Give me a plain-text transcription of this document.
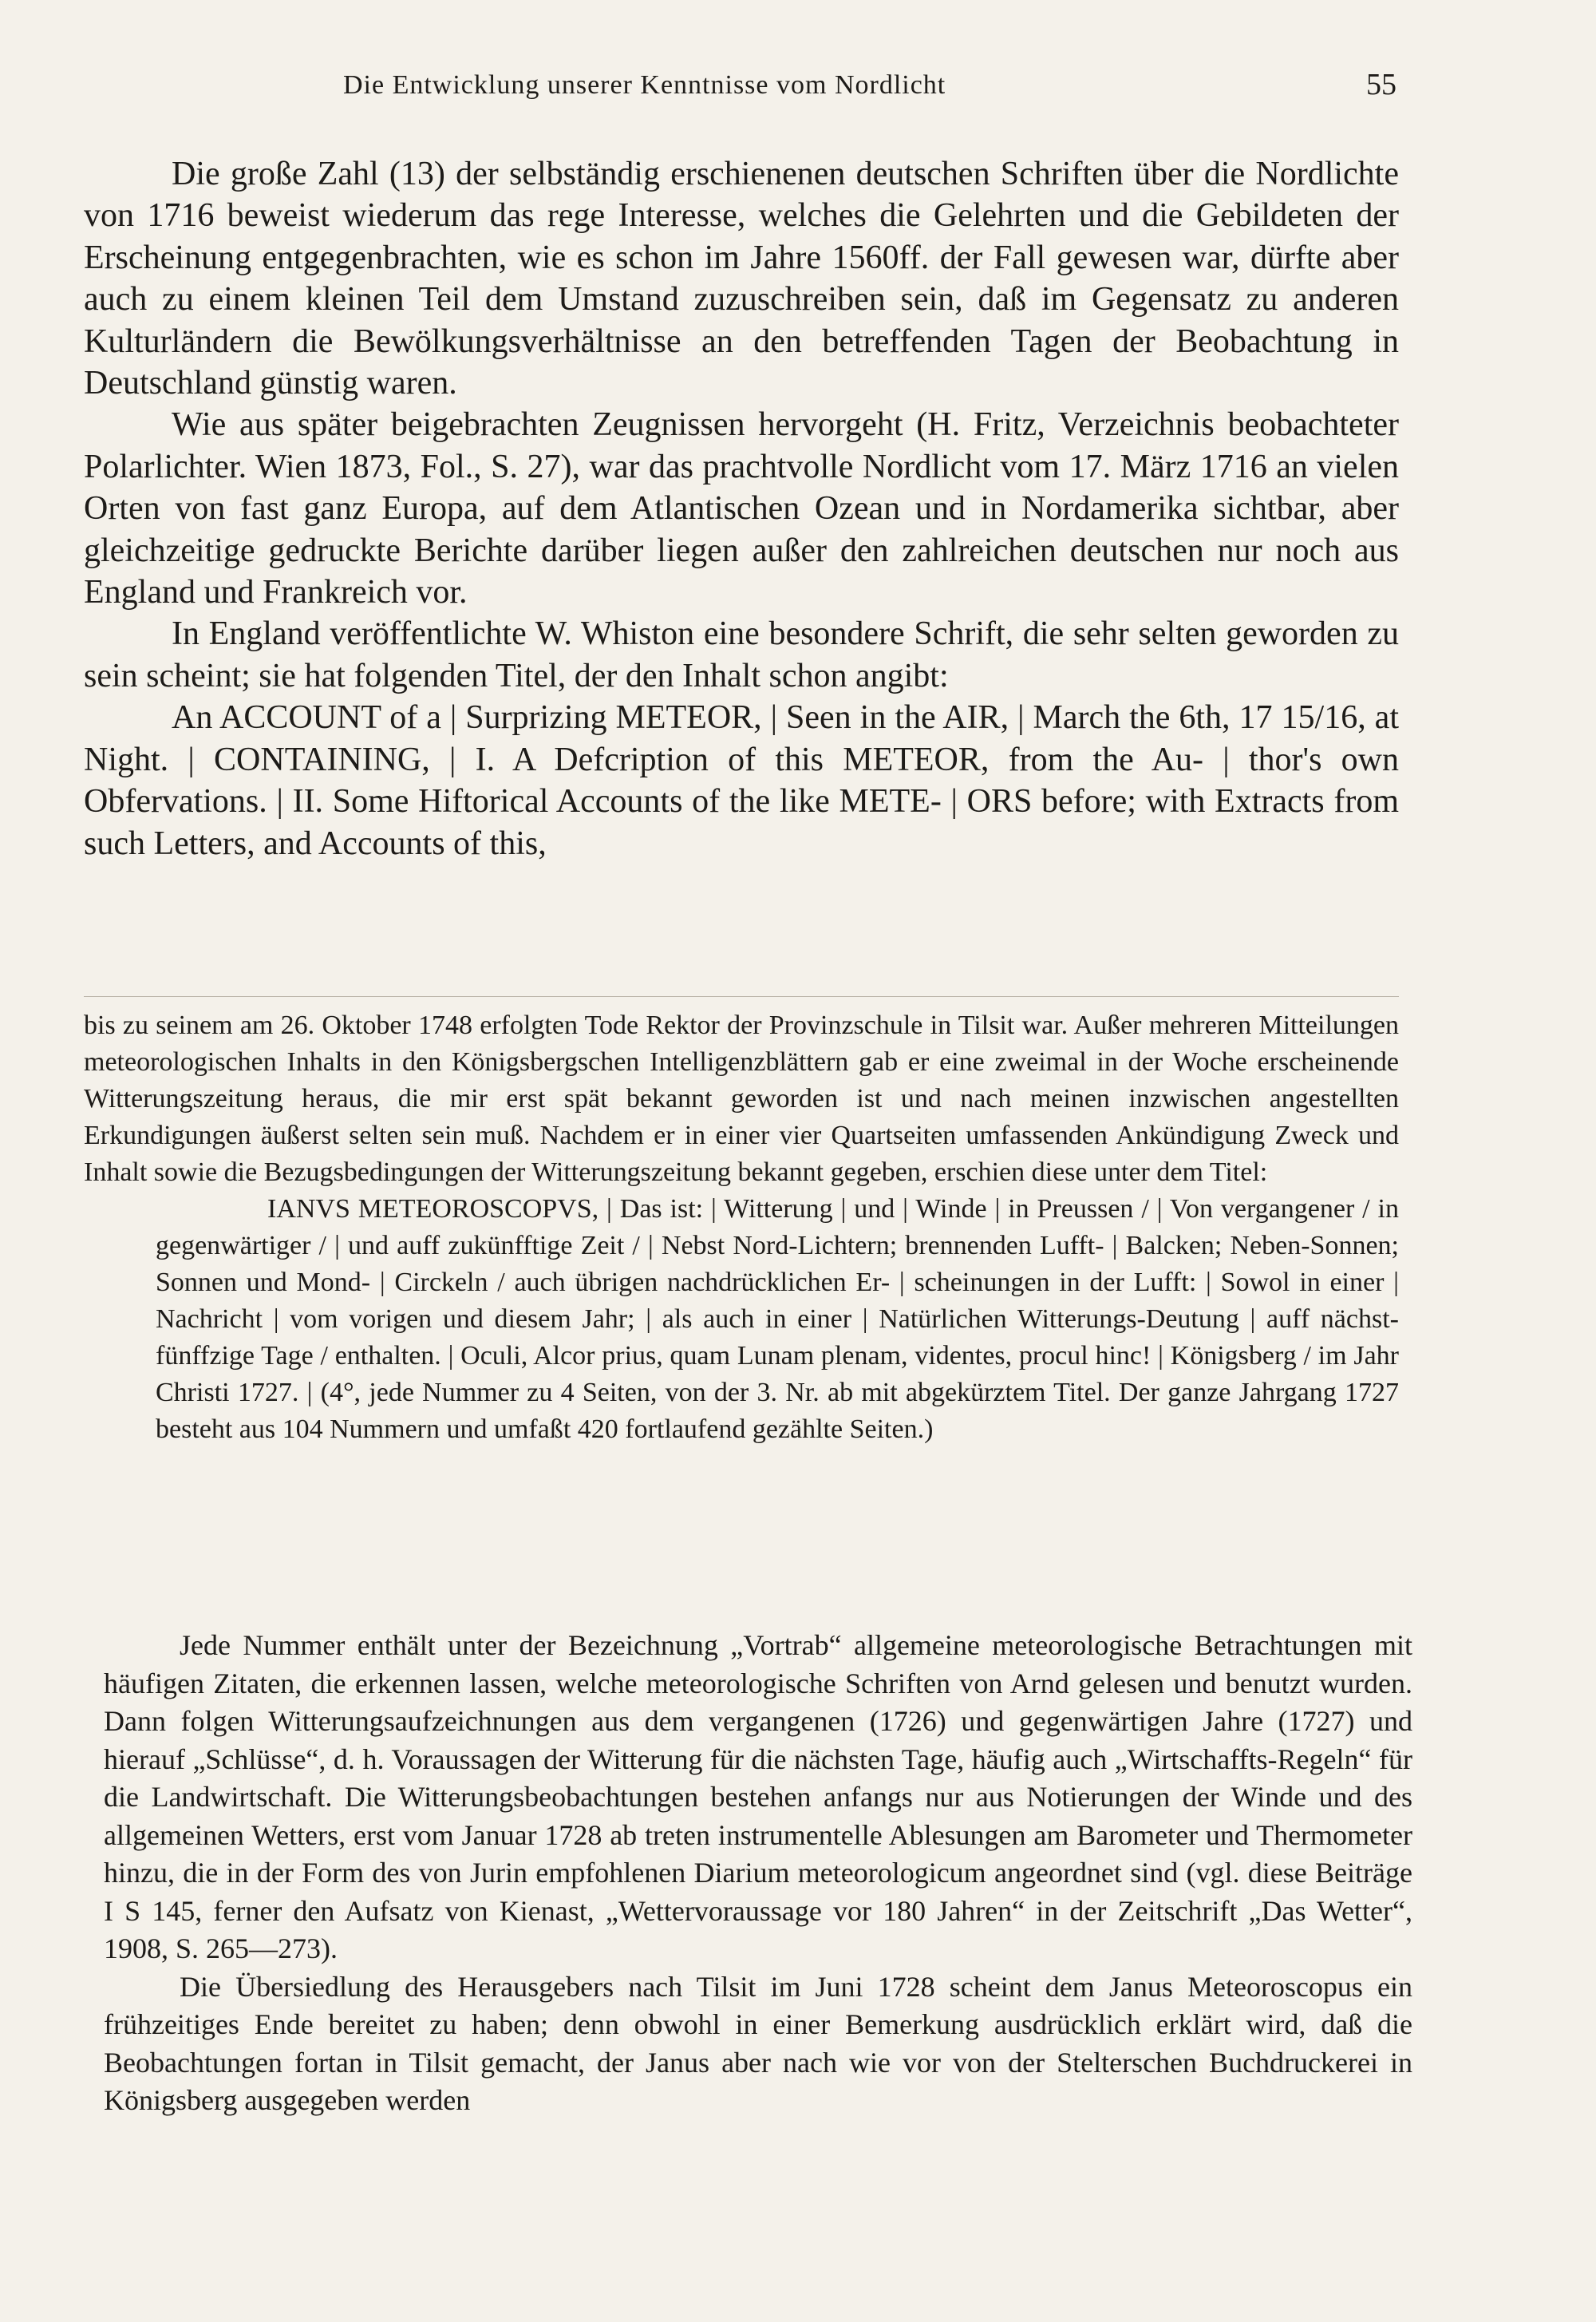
Die Entwicklung unserer Kenntnisse vom Nordlicht	55

Die große Zahl (13) der selbständig erschienenen deutschen Schriften über die Nordlichte von 1716 beweist wiederum das rege Interesse, welches die Gelehrten und die Gebildeten der Erscheinung entgegenbrachten, wie es schon im Jahre 1560ff. der Fall gewesen war, dürfte aber auch zu einem kleinen Teil dem Umstand zuzuschreiben sein, daß im Gegensatz zu anderen Kulturländern die Bewölkungsverhältnisse an den betreffenden Tagen der Beobachtung in Deutschland günstig waren.

Wie aus später beigebrachten Zeugnissen hervorgeht (H. Fritz, Verzeichnis beobachteter Polarlichter. Wien 1873, Fol., S. 27), war das prachtvolle Nordlicht vom 17. März 1716 an vielen Orten von fast ganz Europa, auf dem Atlantischen Ozean und in Nordamerika sichtbar, aber gleichzeitige gedruckte Berichte darüber liegen außer den zahlreichen deutschen nur noch aus England und Frankreich vor.

In England veröffentlichte W. Whiston eine besondere Schrift, die sehr selten geworden zu sein scheint; sie hat folgenden Titel, der den Inhalt schon angibt:

An ACCOUNT of a | Surprizing METEOR, | Seen in the AIR, | March the 6th, 17 15/16, at Night. | CONTAINING, | I. A Defcription of this METEOR, from the Au- | thor's own Obfervations. | II. Some Hiftorical Accounts of the like METE- | ORS before; with Extracts from such Letters, and Accounts of this,

bis zu seinem am 26. Oktober 1748 erfolgten Tode Rektor der Provinzschule in Tilsit war. Außer mehreren Mitteilungen meteorologischen Inhalts in den Königsbergschen Intelligenzblättern gab er eine zweimal in der Woche erscheinende Witterungszeitung heraus, die mir erst spät bekannt geworden ist und nach meinen inzwischen angestellten Erkundigungen äußerst selten sein muß. Nachdem er in einer vier Quartseiten umfassenden Ankündigung Zweck und Inhalt sowie die Bezugsbedingungen der Witterungszeitung bekannt gegeben, erschien diese unter dem Titel:

IANVS METEOROSCOPVS, | Das ist: | Witterung | und | Winde | in Preussen / | Von vergangener / in gegenwärtiger / | und auff zukünfftige Zeit / | Nebst Nord-Lichtern; brennenden Lufft- | Balcken; Neben-Sonnen; Sonnen und Mond- | Circkeln / auch übrigen nachdrücklichen Er- | scheinungen in der Lufft: | Sowol in einer | Nachricht | vom vorigen und diesem Jahr; | als auch in einer | Natürlichen Witterungs-Deutung | auff nächst-fünffzige Tage / enthalten. | Oculi, Alcor prius, quam Lunam plenam, videntes, procul hinc! | Königsberg / im Jahr Christi 1727. | (4°, jede Nummer zu 4 Seiten, von der 3. Nr. ab mit abgekürztem Titel. Der ganze Jahrgang 1727 besteht aus 104 Nummern und umfaßt 420 fortlaufend gezählte Seiten.)

Jede Nummer enthält unter der Bezeichnung „Vortrab“ allgemeine meteorologische Betrachtungen mit häufigen Zitaten, die erkennen lassen, welche meteorologische Schriften von Arnd gelesen und benutzt wurden. Dann folgen Witterungsaufzeichnungen aus dem vergangenen (1726) und gegenwärtigen Jahre (1727) und hierauf „Schlüsse“, d. h. Voraussagen der Witterung für die nächsten Tage, häufig auch „Wirtschaffts-Regeln“ für die Landwirtschaft. Die Witterungsbeobachtungen bestehen anfangs nur aus Notierungen der Winde und des allgemeinen Wetters, erst vom Januar 1728 ab treten instrumentelle Ablesungen am Barometer und Thermometer hinzu, die in der Form des von Jurin empfohlenen Diarium meteorologicum angeordnet sind (vgl. diese Beiträge I S 145, ferner den Aufsatz von Kienast, „Wettervoraussage vor 180 Jahren“ in der Zeitschrift „Das Wetter“, 1908, S. 265—273).

Die Übersiedlung des Herausgebers nach Tilsit im Juni 1728 scheint dem Janus Meteoroscopus ein frühzeitiges Ende bereitet zu haben; denn obwohl in einer Bemerkung ausdrücklich erklärt wird, daß die Beobachtungen fortan in Tilsit gemacht, der Janus aber nach wie vor von der Stelterschen Buchdruckerei in Königsberg ausgegeben werden
